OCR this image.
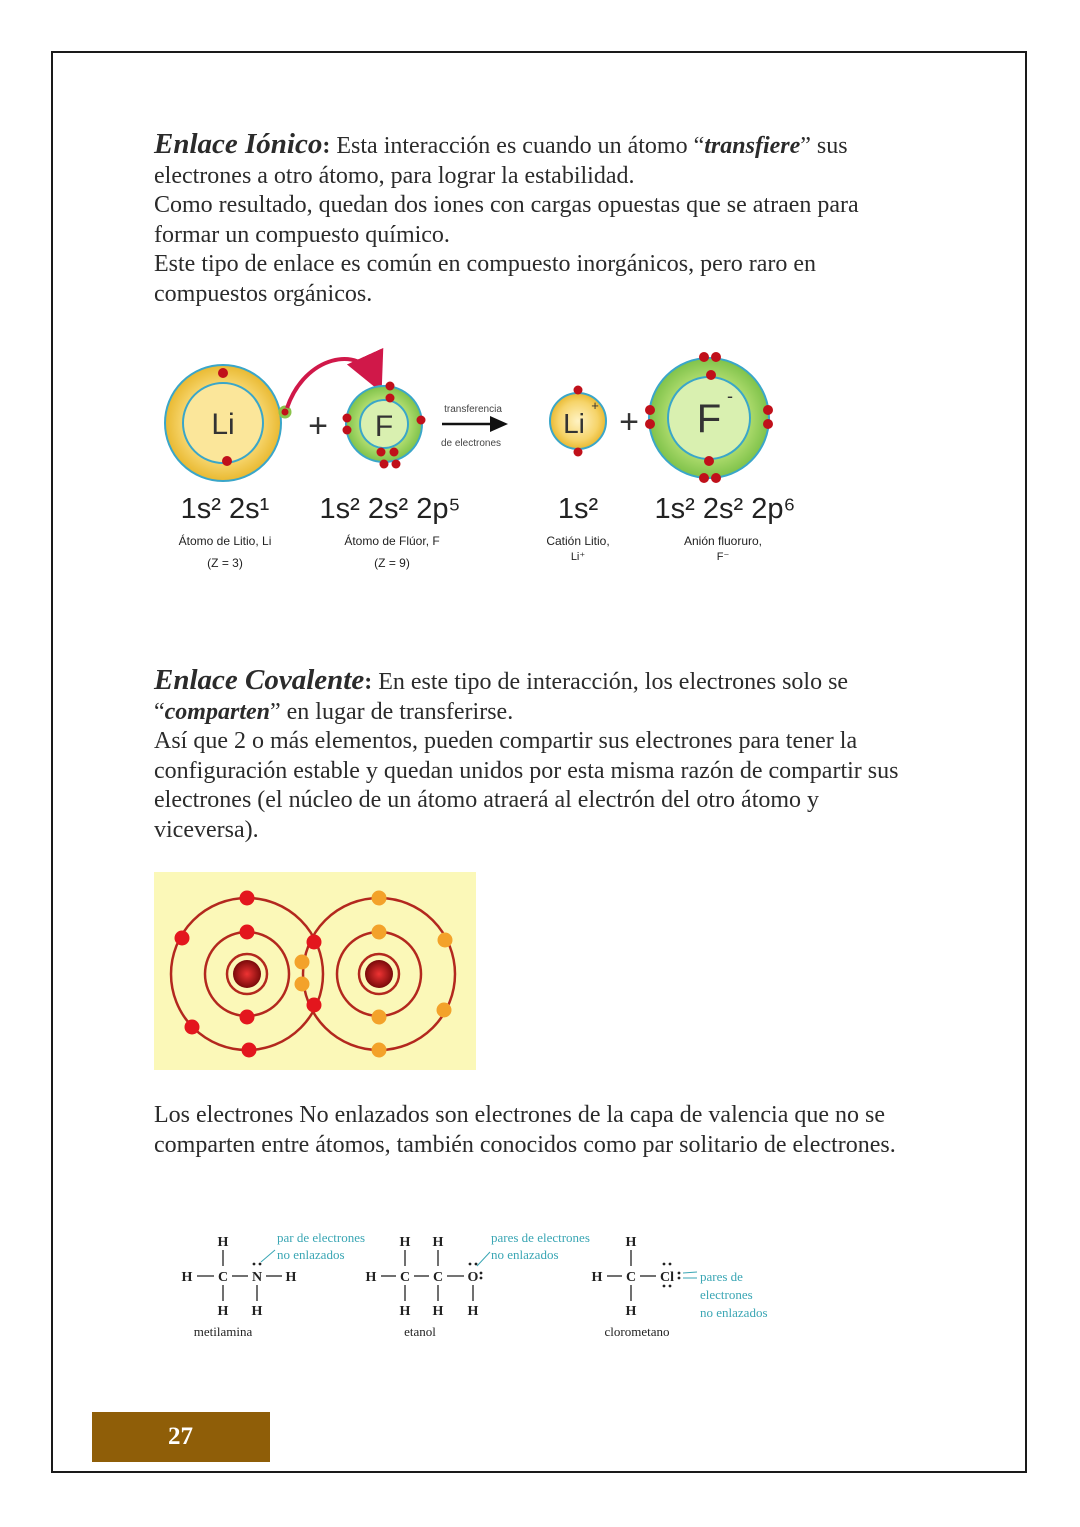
Enlace Iónico: Esta interacción es cuando un átomo “transfiere” sus electrones a otro átomo, para lograr la estabilidad.
Como resultado, quedan dos iones con cargas opuestas que se atraen para formar un compuesto químico.
Este tipo de enlace es común en compuesto inorgánicos, pero raro en compuestos orgánicos.
Li + F
transferencia
de electrones
Li
+ + F
-
1s² 2s¹ 1s² 2s² 2p⁵	1s² 1s² 2s² 2p⁶
Átomo de Litio, Li
(Z = 3)
Átomo de Flúor, F
(Z = 9)
Catión Litio,
Li⁺
Anión fluoruro,
F⁻
Enlace Covalente: En este tipo de interacción, los electrones solo se “comparten” en lugar de transferirse.
Así que 2 o más elementos, pueden compartir sus electrones para tener la configuración estable y quedan unidos por esta misma razón de compartir sus electrones (el núcleo de un átomo atraerá al electrón del otro átomo y viceversa).
Los electrones No enlazados son electrones de la capa de valencia que no se comparten entre átomos, también conocidos como par solitario de electrones.
H
H C N H
H H
metilamina
H H
H C C O
H H H
etanol
H
H C Cl
H
clorometano
par de electrones
no enlazados
pares de electrones
no enlazados
pares de
electrones
no enlazados
27
